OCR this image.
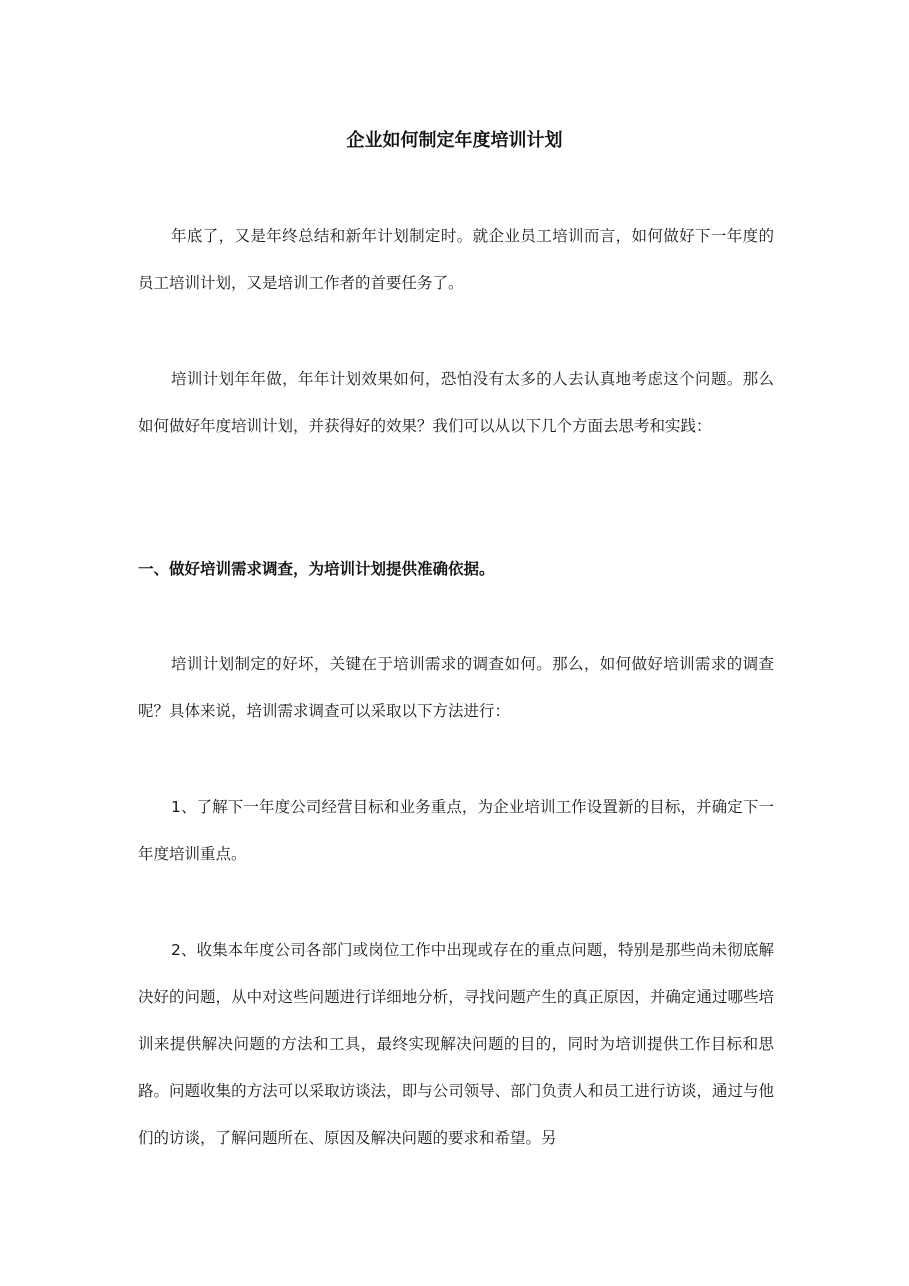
企业如何制定年度培训计划

年底了，又是年终总结和新年计划制定时。就企业员工培训而言，如何做好下一年度的员工培训计划，又是培训工作者的首要任务了。

培训计划年年做，年年计划效果如何，恐怕没有太多的人去认真地考虑这个问题。那么如何做好年度培训计划，并获得好的效果？我们可以从以下几个方面去思考和实践：

一、做好培训需求调查，为培训计划提供准确依据。

培训计划制定的好坏，关键在于培训需求的调查如何。那么，如何做好培训需求的调查呢？具体来说，培训需求调查可以采取以下方法进行：

1、了解下一年度公司经营目标和业务重点，为企业培训工作设置新的目标，并确定下一年度培训重点。

2、收集本年度公司各部门或岗位工作中出现或存在的重点问题，特别是那些尚未彻底解决好的问题，从中对这些问题进行详细地分析，寻找问题产生的真正原因，并确定通过哪些培训来提供解决问题的方法和工具，最终实现解决问题的目的，同时为培训提供工作目标和思路。问题收集的方法可以采取访谈法，即与公司领导、部门负责人和员工进行访谈，通过与他们的访谈，了解问题所在、原因及解决问题的要求和希望。另
